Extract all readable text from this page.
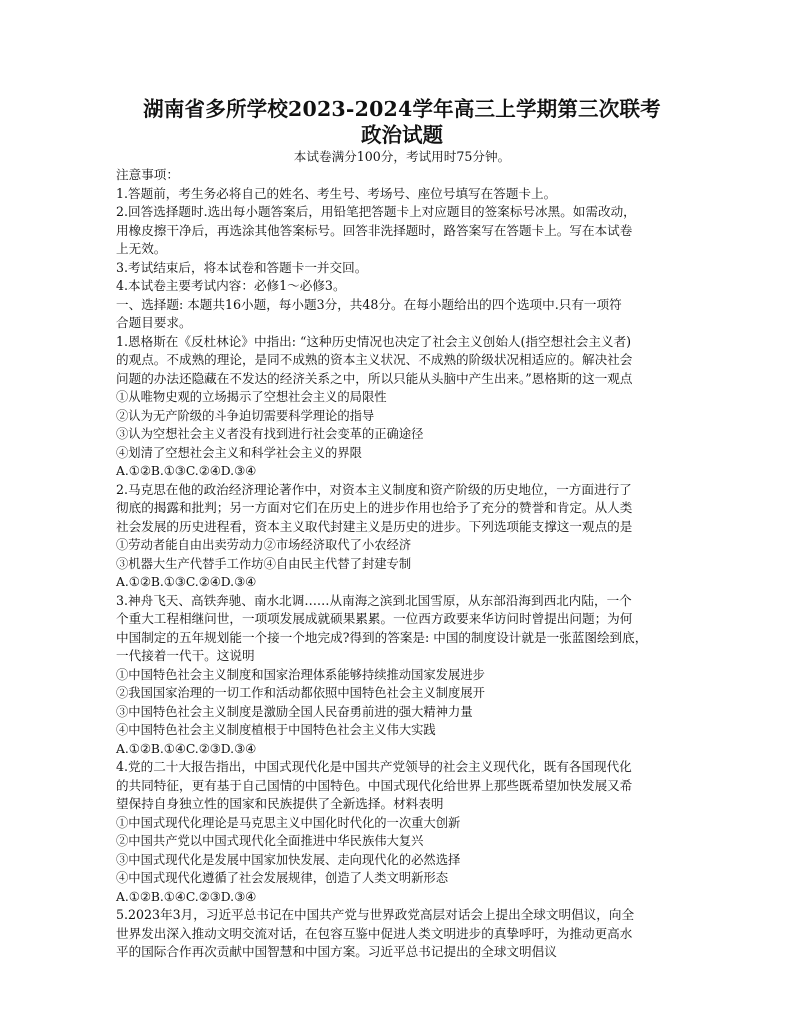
湖南省多所学校2023-2024学年高三上学期第三次联考
政治试题
本试卷满分100分，考试用时75分钟。
注意事项：
1.答题前，考生务必将自己的姓名、考生号、考场号、座位号填写在答题卡上。
2.回答选择题时.选出每小题答案后，用铅笔把答题卡上对应题目的签案标号冰黑。如需改动，
用橡皮擦干净后，再选涂其他答案标号。回答非洗择题时，路答案写在答题卡上。写在本试卷
上无效。
3.考试结束后，将本试卷和答题卡一并交回。
4.本试卷主要考试内容：必修1～必修3。
一、选择题: 本题共16小题，每小题3分，共48分。在每小题给出的四个选项中.只有一项符
合题目要求。
1.恩格斯在《反杜林论》中指出: “这种历史情况也决定了社会主义创始人(指空想社会主义者)
的观点。不成熟的理论，是同不成熟的资本主义状况、不成熟的阶级状况相适应的。解决社会
问题的办法还隐藏在不发达的经济关系之中，所以只能从头脑中产生出来。”恩格斯的这一观点
①从唯物史观的立场揭示了空想社会主义的局限性
②认为无产阶级的斗争迫切需要科学理论的指导
③认为空想社会主义者没有找到进行社会变革的正确途径
④划清了空想社会主义和科学社会主义的界限
A.①②B.①③C.②④D.③④
2.马克思在他的政治经济理论著作中，对资本主义制度和资产阶级的历史地位，一方面进行了
彻底的揭露和批判；另一方面对它们在历史上的进步作用也给予了充分的赞誉和肯定。从人类
社会发展的历史进程看，资本主义取代封建主义是历史的进步。下列选项能支撑这一观点的是
①劳动者能自由出卖劳动力②市场经济取代了小农经济
③机器大生产代替手工作坊④自由民主代替了封建专制
A.①②B.①③C.②④D.③④
3.神舟飞天、高铁奔驰、南水北调……从南海之滨到北国雪原，从东部沿海到西北内陆，一个
个重大工程相继问世，一项项发展成就硕果累累。一位西方政要来华访问时曾提出问题；为何
中国制定的五年规划能一个接一个地完成?得到的答案是: 中国的制度设计就是一张蓝图绘到底，
一代接着一代干。这说明
①中国特色社会主义制度和国家治理体系能够持续推动国家发展进步
②我国国家治理的一切工作和活动都依照中国特色社会主义制度展开
③中国特色社会主义制度是激励全国人民奋勇前进的强大精神力量
④中国特色社会主义制度植根于中国特色社会主义伟大实践
A.①②B.①④C.②③D.③④
4.党的二十大报告指出，中国式现代化是中国共产党领导的社会主义现代化，既有各国现代化
的共同特征，更有基于自己国情的中国特色。中国式现代化给世界上那些既希望加快发展又希
望保持自身独立性的国家和民族提供了全新选择。材料表明
①中国式现代化理论是马克思主义中国化时代化的一次重大创新
②中国共产党以中国式现代化全面推进中华民族伟大复兴
③中国式现代化是发展中国家加快发展、走向现代化的必然选择
④中国式现代化遵循了社会发展规律，创造了人类文明新形态
A.①②B.①④C.②③D.③④
5.2023年3月，习近平总书记在中国共产党与世界政党高层对话会上提出全球文明倡议，向全
世界发出深入推动文明交流对话，在包容互鉴中促进人类文明进步的真挚呼吁，为推动更高水
平的国际合作再次贡献中国智慧和中国方案。习近平总书记提出的全球文明倡议
